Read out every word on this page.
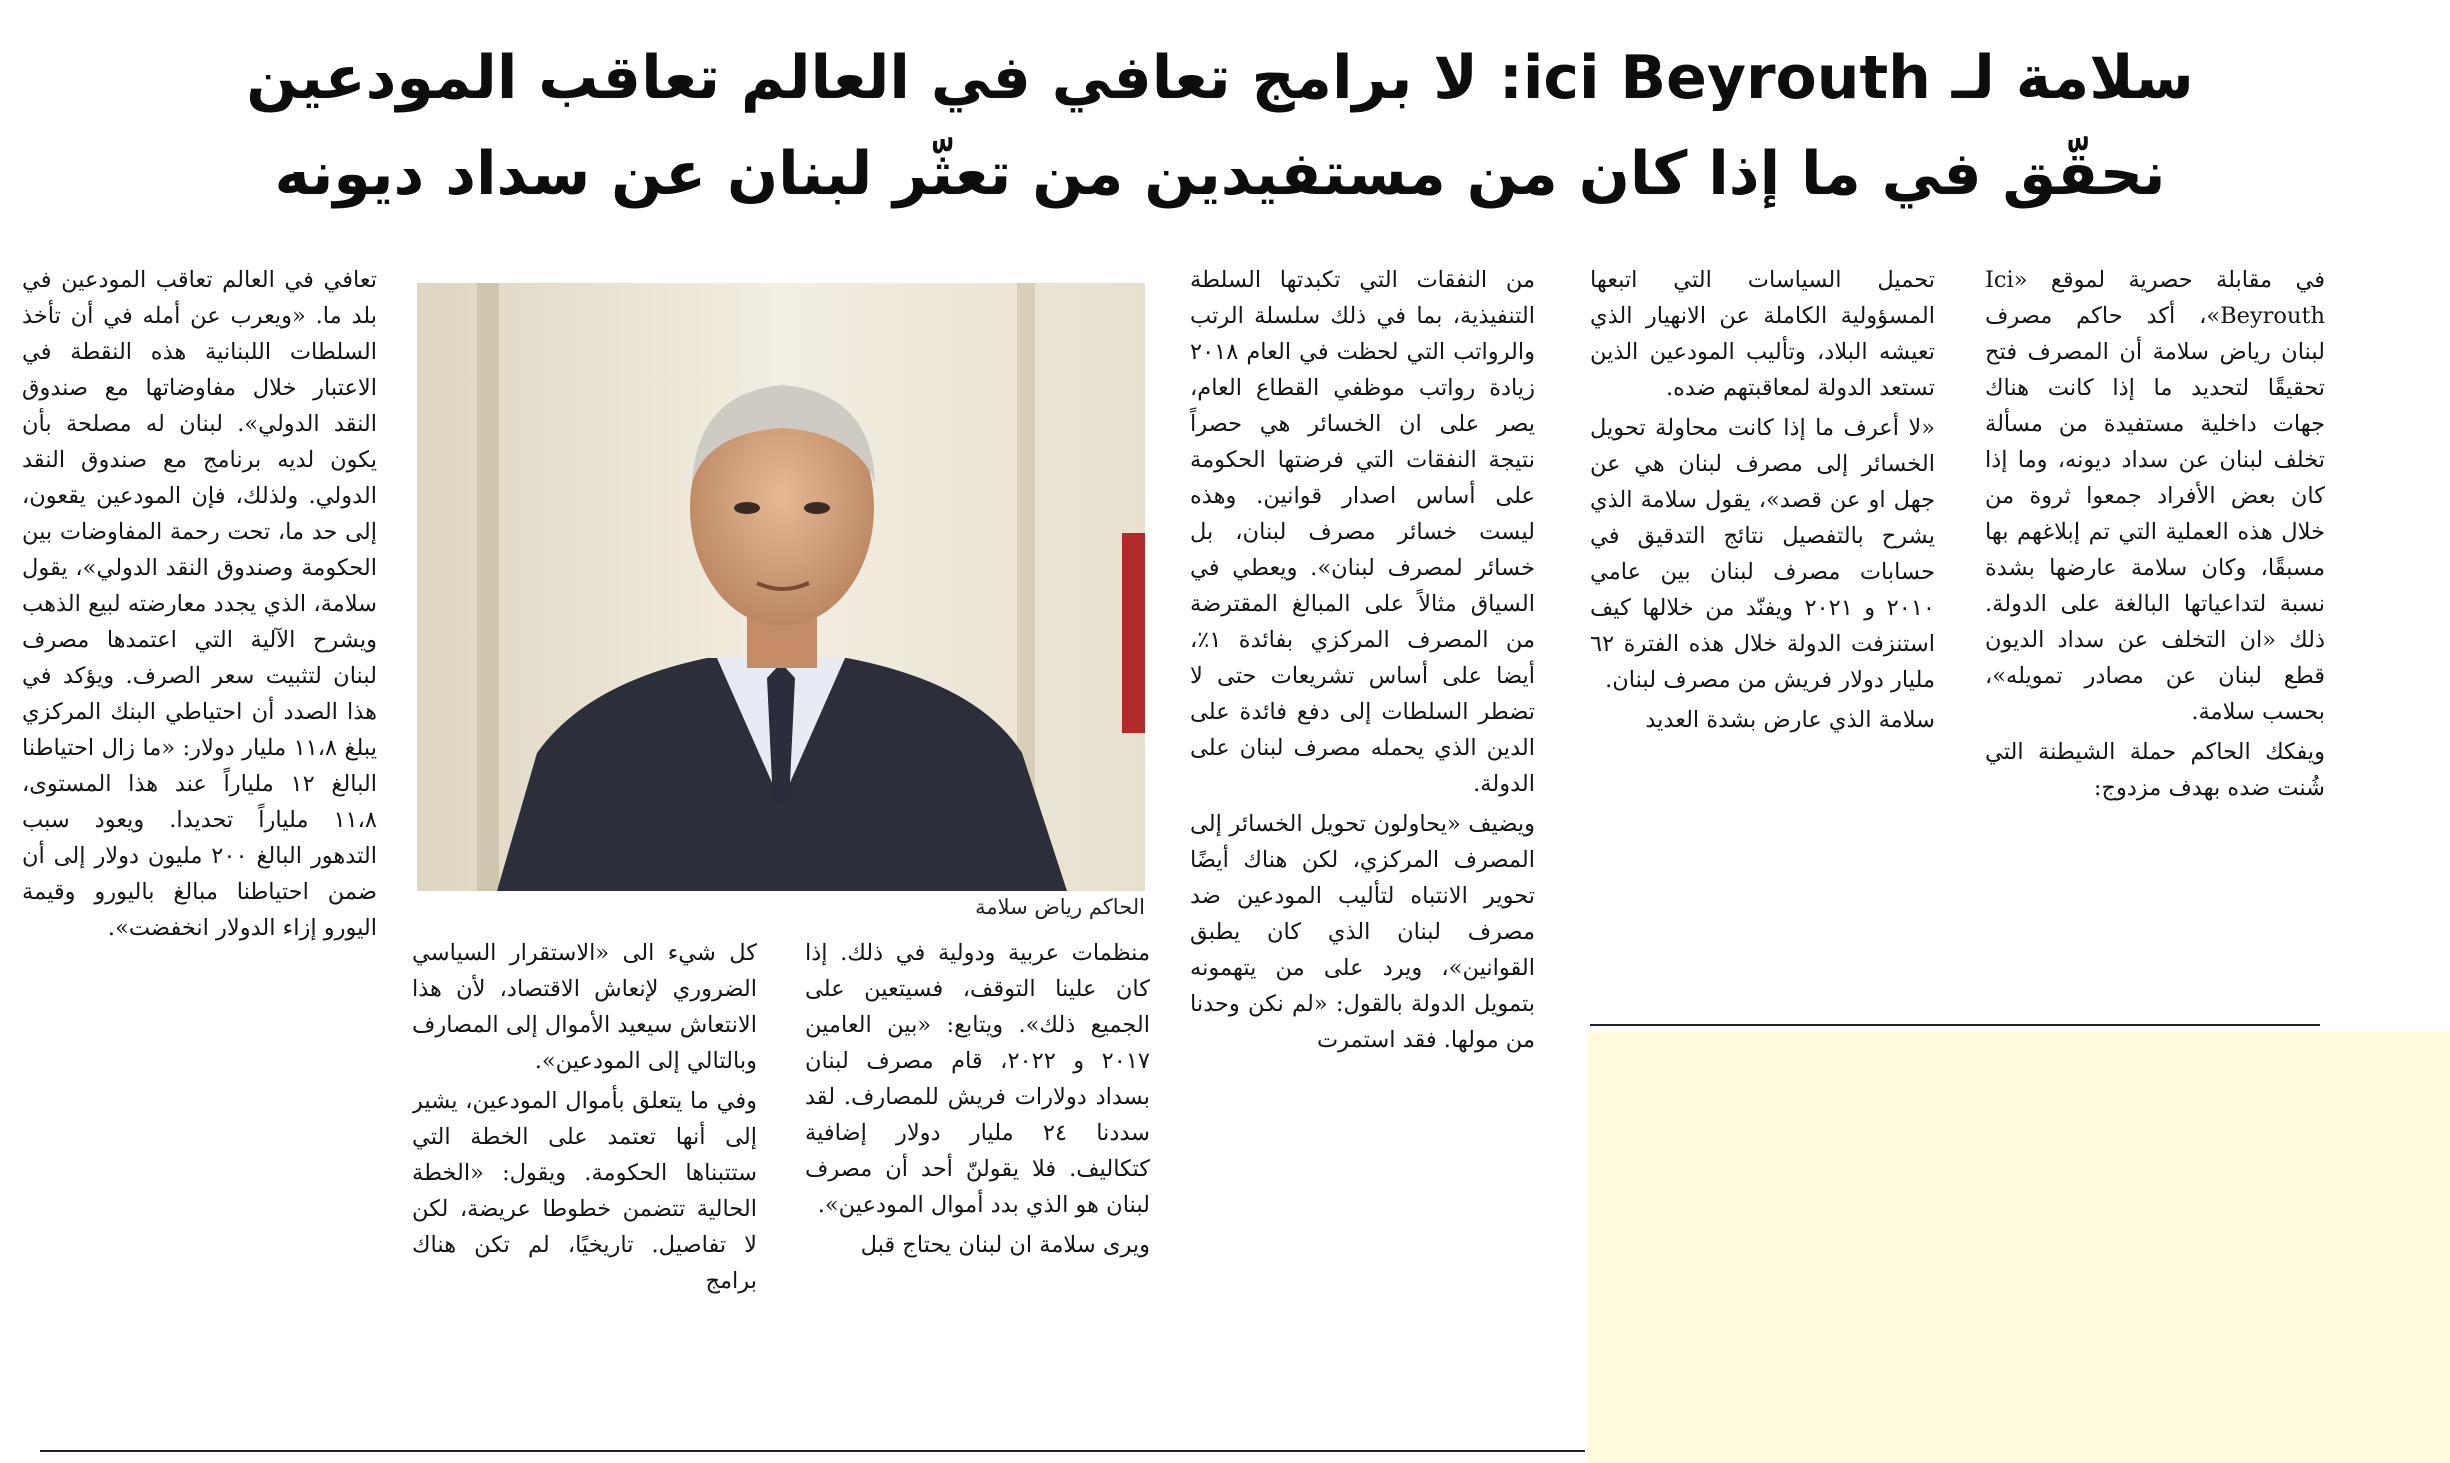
سلامة لـ ici Beyrouth: لا برامج تعافي في العالم تعاقب المودعين
نحقّق في ما إذا كان من مستفيدين من تعثّر لبنان عن سداد ديونه

في مقابلة حصرية لموقع «Ici Beyrouth»، أكد حاكم مصرف لبنان رياض سلامة أن المصرف فتح تحقيقًا لتحديد ما إذا كانت هناك جهات داخلية مستفيدة من مسألة تخلف لبنان عن سداد ديونه، وما إذا كان بعض الأفراد جمعوا ثروة من خلال هذه العملية التي تم إبلاغهم بها مسبقًا، وكان سلامة عارضها بشدة نسبة لتداعياتها البالغة على الدولة. ذلك «ان التخلف عن سداد الديون قطع لبنان عن مصادر تمويله»، بحسب سلامة.

ويفكك الحاكم حملة الشيطنة التي شُنت ضده بهدف مزدوج:

تحميل السياسات التي اتبعها المسؤولية الكاملة عن الانهيار الذي تعيشه البلاد، وتأليب المودعين الذين تستعد الدولة لمعاقبتهم ضده.

«لا أعرف ما إذا كانت محاولة تحويل الخسائر إلى مصرف لبنان هي عن جهل او عن قصد»، يقول سلامة الذي يشرح بالتفصيل نتائج التدقيق في حسابات مصرف لبنان بين عامي ٢٠١٠ و ٢٠٢١ ويفنّد من خلالها كيف استنزفت الدولة خلال هذه الفترة ٦٢ مليار دولار فريش من مصرف لبنان.

سلامة الذي عارض بشدة العديد

من النفقات التي تكبدتها السلطة التنفيذية، بما في ذلك سلسلة الرتب والرواتب التي لحظت في العام ٢٠١٨ زيادة رواتب موظفي القطاع العام، يصر على ان الخسائر هي حصراً نتيجة النفقات التي فرضتها الحكومة على أساس اصدار قوانين. وهذه ليست خسائر مصرف لبنان، بل خسائر لمصرف لبنان». ويعطي في السياق مثالاً على المبالغ المقترضة من المصرف المركزي بفائدة ١٪، أيضا على أساس تشريعات حتى لا تضطر السلطات إلى دفع فائدة على الدين الذي يحمله مصرف لبنان على الدولة.

ويضيف «يحاولون تحويل الخسائر إلى المصرف المركزي، لكن هناك أيضًا تحوير الانتباه لتأليب المودعين ضد مصرف لبنان الذي كان يطبق القوانين»، ويرد على من يتهمونه بتمويل الدولة بالقول: «لم نكن وحدنا من مولها. فقد استمرت

الحاكم رياض سلامة

منظمات عربية ودولية في ذلك. إذا كان علينا التوقف، فسيتعين على الجميع ذلك». ويتابع: «بين العامين ٢٠١٧ و ٢٠٢٢، قام مصرف لبنان بسداد دولارات فريش للمصارف. لقد سددنا ٢٤ مليار دولار إضافية كتكاليف. فلا يقولنّ أحد أن مصرف لبنان هو الذي بدد أموال المودعين».

ويرى سلامة ان لبنان يحتاج قبل

كل شيء الى «الاستقرار السياسي الضروري لإنعاش الاقتصاد، لأن هذا الانتعاش سيعيد الأموال إلى المصارف وبالتالي إلى المودعين».

وفي ما يتعلق بأموال المودعين، يشير إلى أنها تعتمد على الخطة التي ستتبناها الحكومة. ويقول: «الخطة الحالية تتضمن خطوطا عريضة، لكن لا تفاصيل. تاريخيًا، لم تكن هناك برامج

تعافي في العالم تعاقب المودعين في بلد ما. «ويعرب عن أمله في أن تأخذ السلطات اللبنانية هذه النقطة في الاعتبار خلال مفاوضاتها مع صندوق النقد الدولي». لبنان له مصلحة بأن يكون لديه برنامج مع صندوق النقد الدولي. ولذلك، فإن المودعين يقعون، إلى حد ما، تحت رحمة المفاوضات بين الحكومة وصندوق النقد الدولي»، يقول سلامة، الذي يجدد معارضته لبيع الذهب ويشرح الآلية التي اعتمدها مصرف لبنان لتثبيت سعر الصرف. ويؤكد في هذا الصدد أن احتياطي البنك المركزي يبلغ ١١،٨ مليار دولار: «ما زال احتياطنا البالغ ١٢ ملياراً عند هذا المستوى، ١١،٨ ملياراً تحديدا. ويعود سبب التدهور البالغ ٢٠٠ مليون دولار إلى أن ضمن احتياطنا مبالغ باليورو وقيمة اليورو إزاء الدولار انخفضت».
